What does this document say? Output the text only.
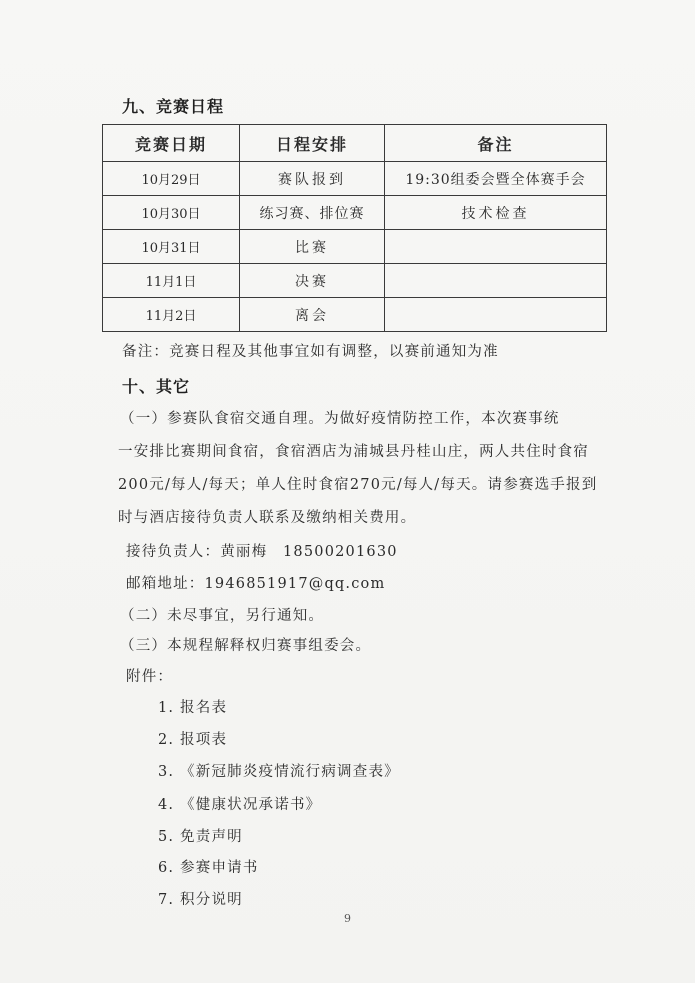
九、竞赛日程
竞赛日期	日程安排	备注
10月29日	赛队报到	19:30组委会暨全体赛手会
10月30日	练习赛、排位赛	技术检查
10月31日	比赛	
11月1日	决赛	
11月2日	离会	
备注：竞赛日程及其他事宜如有调整，以赛前通知为准
十、其它
（一）参赛队食宿交通自理。为做好疫情防控工作，本次赛事统
一安排比赛期间食宿，食宿酒店为浦城县丹桂山庄，两人共住时食宿
200元/每人/每天；单人住时食宿270元/每人/每天。请参赛选手报到
时与酒店接待负责人联系及缴纳相关费用。
接待负责人：黄丽梅　18500201630
邮箱地址：1946851917@qq.com
（二）未尽事宜，另行通知。
（三）本规程解释权归赛事组委会。
附件：
1. 报名表
2. 报项表
3. 《新冠肺炎疫情流行病调查表》
4. 《健康状况承诺书》
5. 免责声明
6. 参赛申请书
7. 积分说明
9
